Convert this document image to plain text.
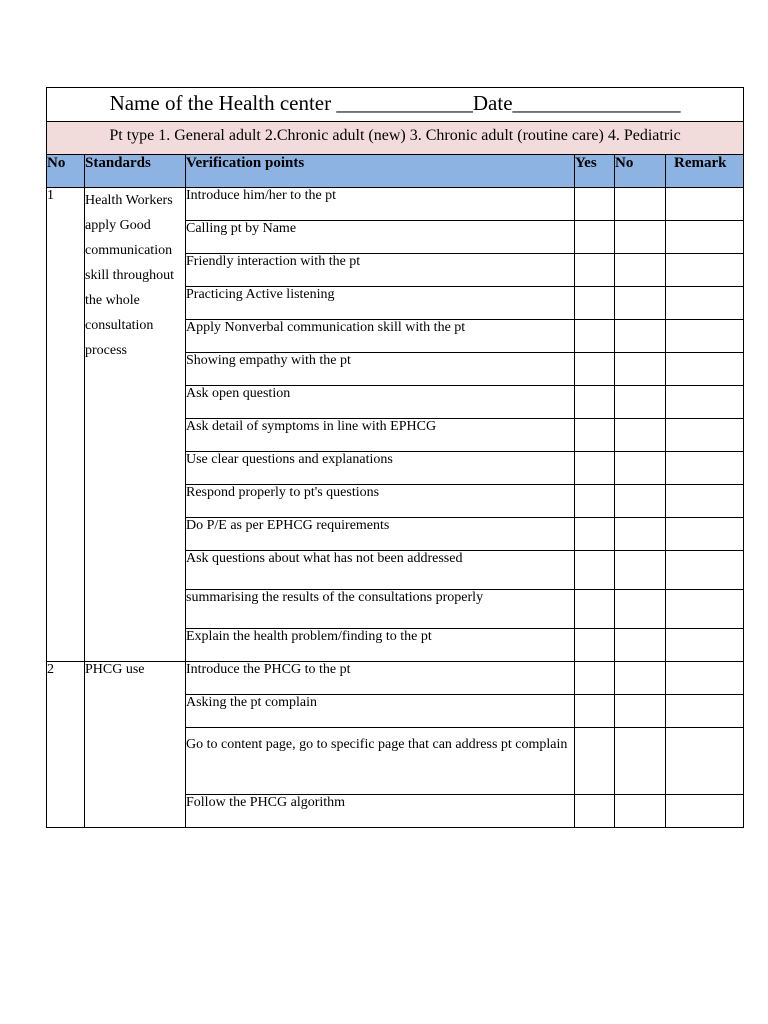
Name of the Health center _____________Date________________					
Pt type 1. General adult 2.Chronic adult (new) 3. Chronic adult (routine care) 4. Pediatric					
No	Standards	Verification points	Yes	No	Remark
1	Health Workers apply Good communication skill throughout the whole consultation process	Introduce him/her to the pt			
		Calling pt by Name			
		Friendly interaction with the pt			
		Practicing Active listening			
		Apply Nonverbal communication skill with the pt			
		Showing empathy with the pt			
		Ask open question			
		Ask detail of symptoms in line with EPHCG			
		Use clear questions and explanations			
		Respond properly to pt's questions			
		Do P/E as per EPHCG requirements			
		Ask questions about what has not been addressed			
		summarising the results of the consultations properly			
		Explain the health problem/finding to the pt			
2	PHCG use	Introduce the PHCG to the pt			
		Asking the pt complain			
		Go to content page, go to specific page that can address pt complain			
		Follow the PHCG algorithm			
